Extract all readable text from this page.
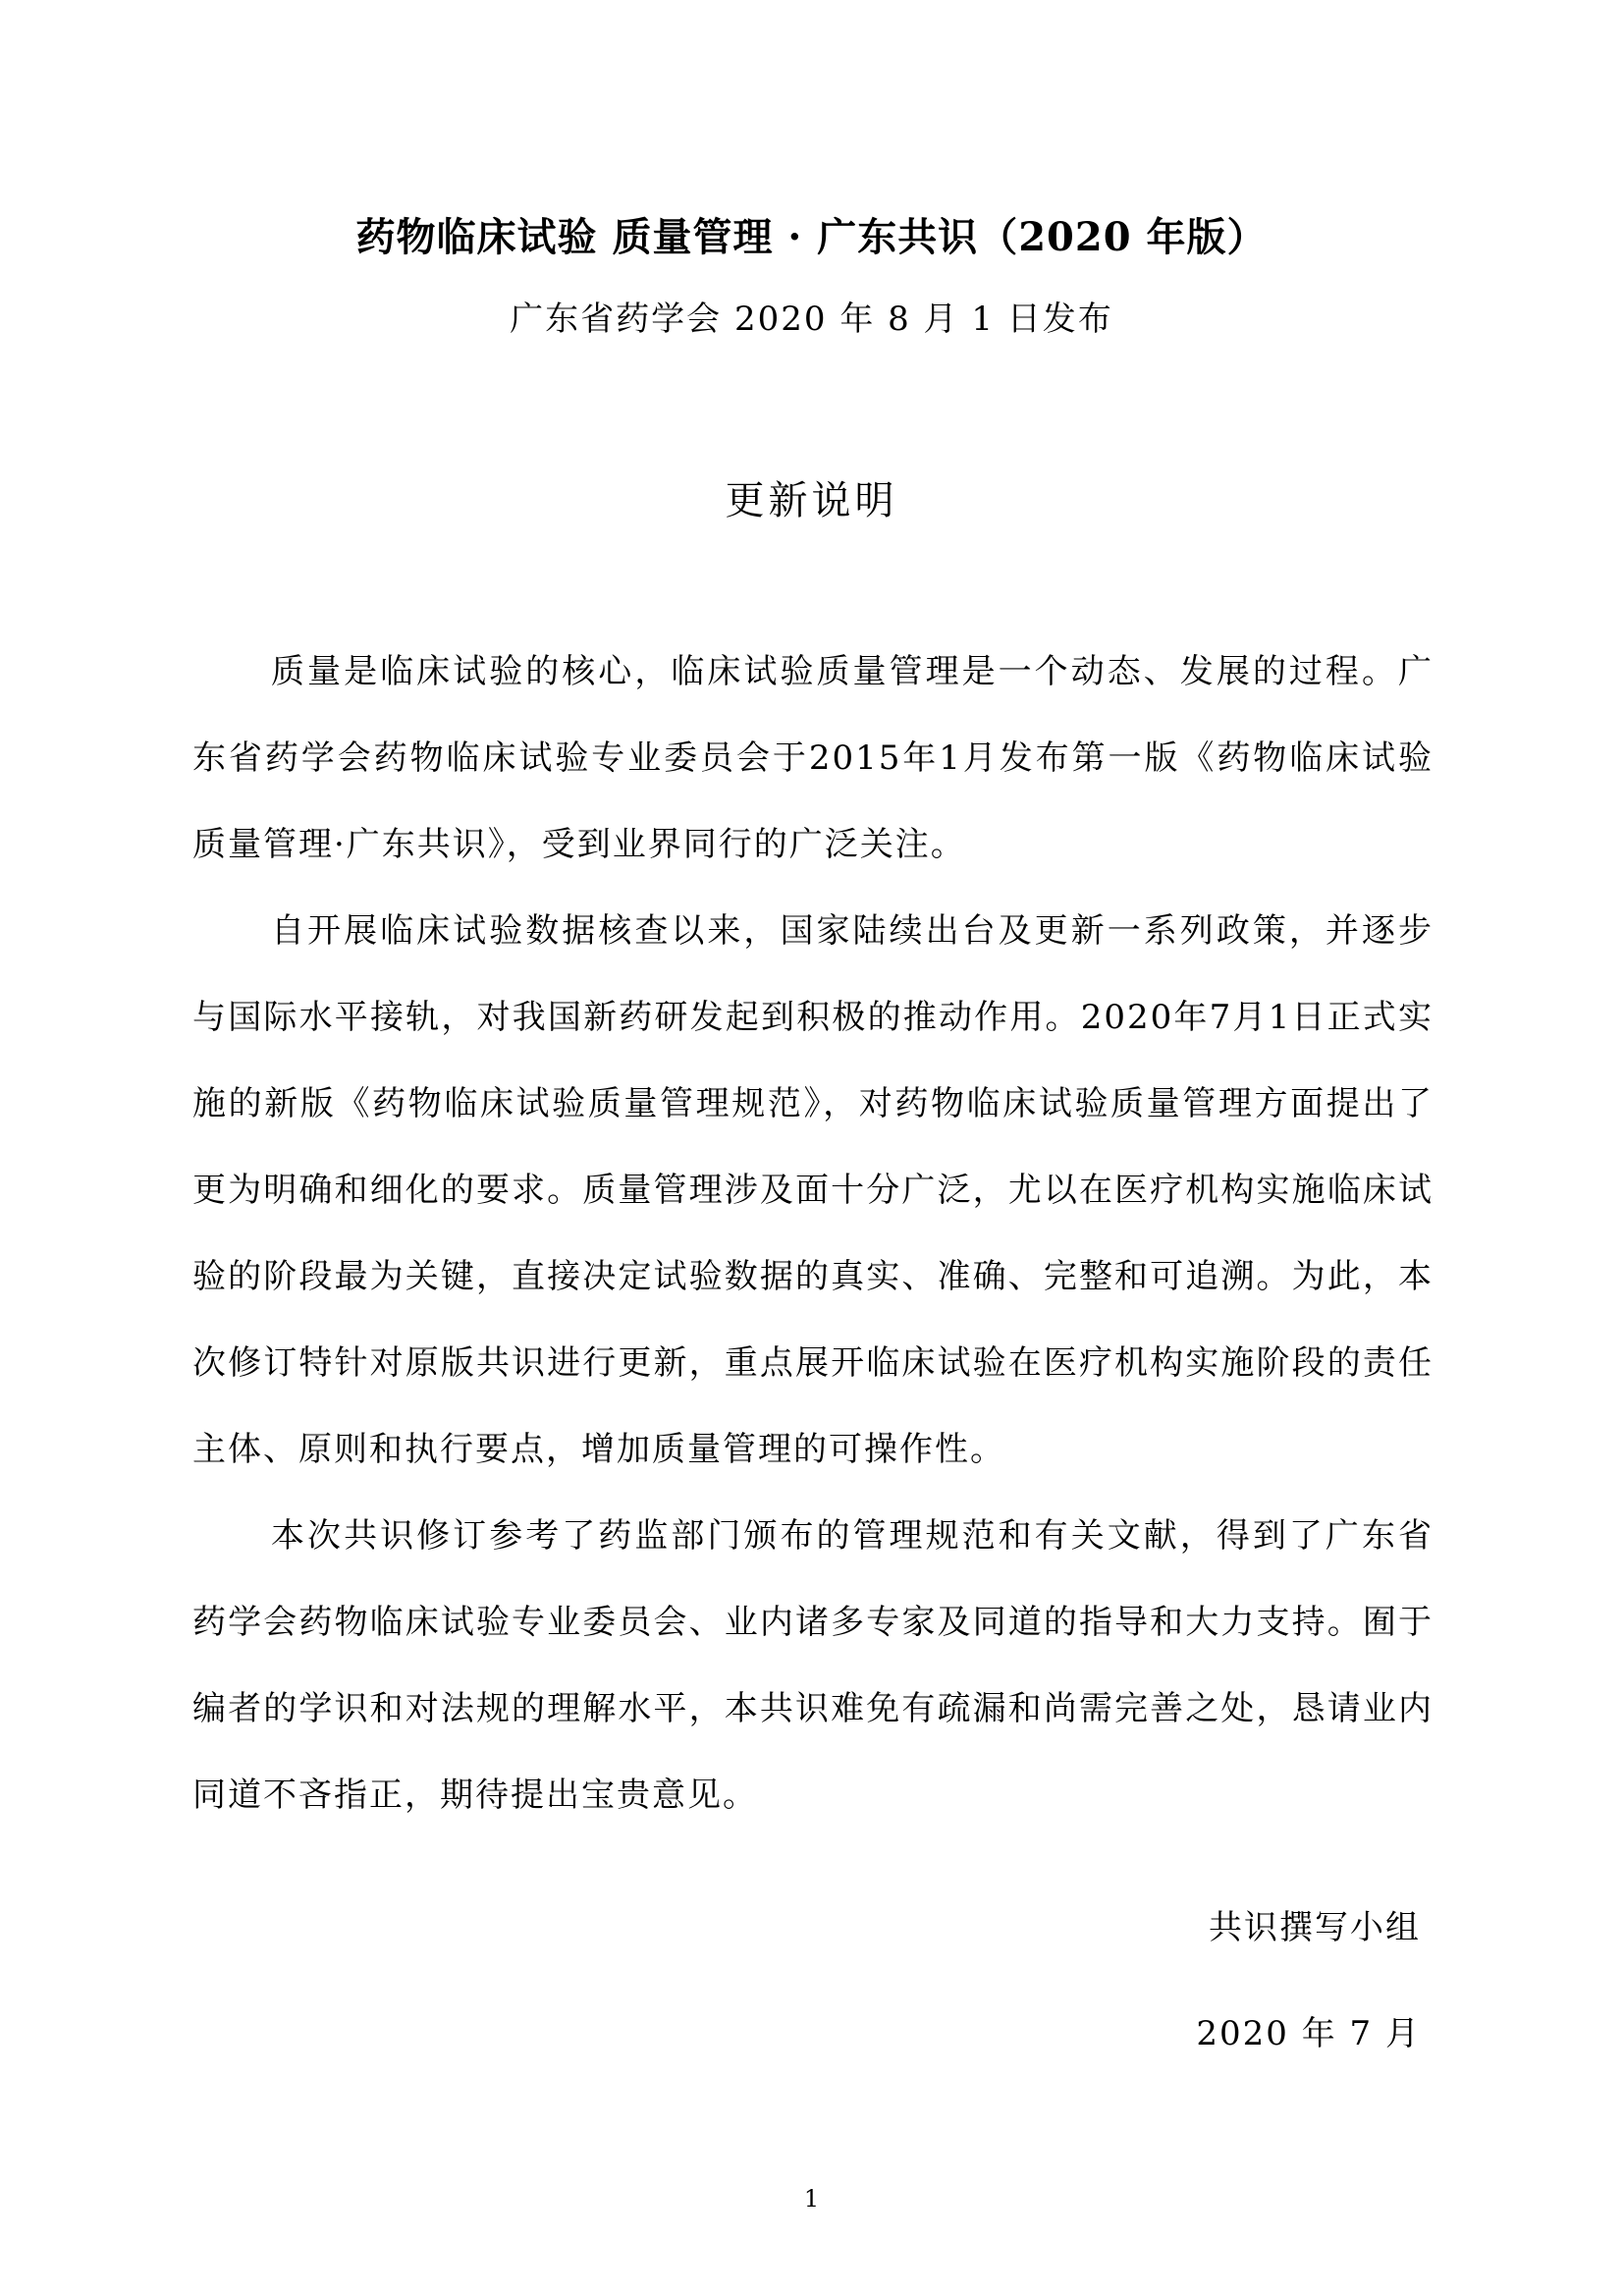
药物临床试验 质量管理 · 广东共识（2020 年版）
广东省药学会 2020 年 8 月 1 日发布
更新说明

质量是临床试验的核心，临床试验质量管理是一个动态、发展的过程。广东省药学会药物临床试验专业委员会于2015年1月发布第一版《药物临床试验 质量管理·广东共识》，受到业界同行的广泛关注。

自开展临床试验数据核查以来，国家陆续出台及更新一系列政策，并逐步与国际水平接轨，对我国新药研发起到积极的推动作用。2020年7月1日正式实施的新版《药物临床试验质量管理规范》，对药物临床试验质量管理方面提出了更为明确和细化的要求。质量管理涉及面十分广泛，尤以在医疗机构实施临床试验的阶段最为关键，直接决定试验数据的真实、准确、完整和可追溯。为此，本次修订特针对原版共识进行更新，重点展开临床试验在医疗机构实施阶段的责任主体、原则和执行要点，增加质量管理的可操作性。

本次共识修订参考了药监部门颁布的管理规范和有关文献，得到了广东省药学会药物临床试验专业委员会、业内诸多专家及同道的指导和大力支持。囿于编者的学识和对法规的理解水平，本共识难免有疏漏和尚需完善之处，恳请业内同道不吝指正，期待提出宝贵意见。

共识撰写小组
2020 年 7 月
1
